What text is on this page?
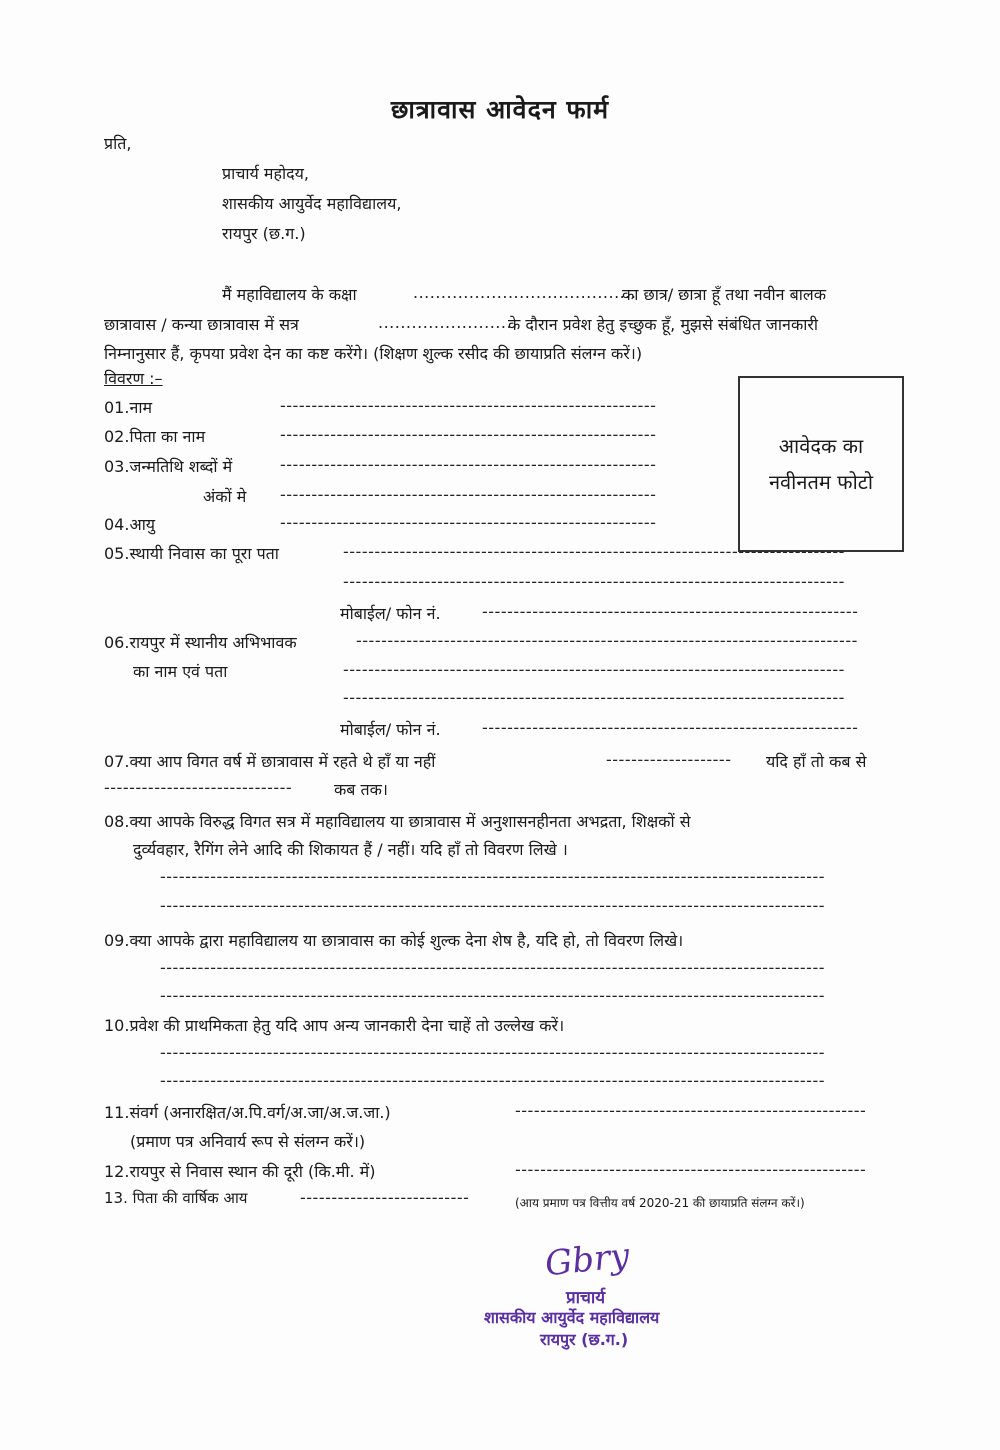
छात्रावास आवेदन फार्म
प्रति,
प्राचार्य महोदय,
शासकीय आयुर्वेद महाविद्यालय,
रायपुर (छ.ग.)
मैं महाविद्यालय के कक्षा	........................................
का छात्र/ छात्रा हूँ तथा नवीन बालक
छात्रावास / कन्या छात्रावास में सत्र	.........................
के दौरान प्रवेश हेतु इच्छुक हूँ, मुझसे संबंधित जानकारी
निम्नानुसार हैं, कृपया प्रवेश देन का कष्ट करेंगे। (शिक्षण शुल्क रसीद की छायाप्रति संलग्न करें।)
विवरण :–
आवेदक का
नवीनतम फोटो
01.नाम	------------------------------------------------------------
02.पिता का नाम	------------------------------------------------------------
03.जन्मतिथि शब्दों में	------------------------------------------------------------
अंकों मे ------------------------------------------------------------
04.आयु	------------------------------------------------------------
05.स्थायी निवास का पूरा पता	--------------------------------------------------------------------------------
--------------------------------------------------------------------------------
मोबाईल/ फोन नं.	------------------------------------------------------------
06.रायपुर में स्थानीय अभिभावक	--------------------------------------------------------------------------------
का नाम एवं पता	--------------------------------------------------------------------------------
--------------------------------------------------------------------------------
मोबाईल/ फोन नं.	------------------------------------------------------------
07.क्या आप विगत वर्ष में छात्रावास में रहते थे हाँ या नहीं	--------------------	यदि हाँ तो कब से
------------------------------	कब तक।
08.क्या आपके विरुद्ध विगत सत्र में महाविद्यालय या छात्रावास में अनुशासनहीनता अभद्रता, शिक्षकों से
दुर्व्यवहार, रैगिंग लेने आदि की शिकायत हैं / नहीं। यदि हाँ तो विवरण लिखे ।
----------------------------------------------------------------------------------------------------------
----------------------------------------------------------------------------------------------------------
09.क्या आपके द्वारा महाविद्यालय या छात्रावास का कोई शुल्क देना शेष है, यदि हो, तो विवरण लिखे।
----------------------------------------------------------------------------------------------------------
----------------------------------------------------------------------------------------------------------
10.प्रवेश की प्राथमिकता हेतु यदि आप अन्य जानकारी देना चाहें तो उल्लेख करें।
----------------------------------------------------------------------------------------------------------
----------------------------------------------------------------------------------------------------------
11.संवर्ग (अनारक्षित/अ.पि.वर्ग/अ.जा/अ.ज.जा.)	--------------------------------------------------------
(प्रमाण पत्र अनिवार्य रूप से संलग्न करें।)
12.रायपुर से निवास स्थान की दूरी (कि.मी. में)	--------------------------------------------------------
13. पिता की वार्षिक आय	---------------------------	(आय प्रमाण पत्र वित्तीय वर्ष 2020-21 की छायाप्रति संलग्न करें।)
Gbry
प्राचार्य
शासकीय आयुर्वेद महाविद्यालय
रायपुर (छ.ग.)
